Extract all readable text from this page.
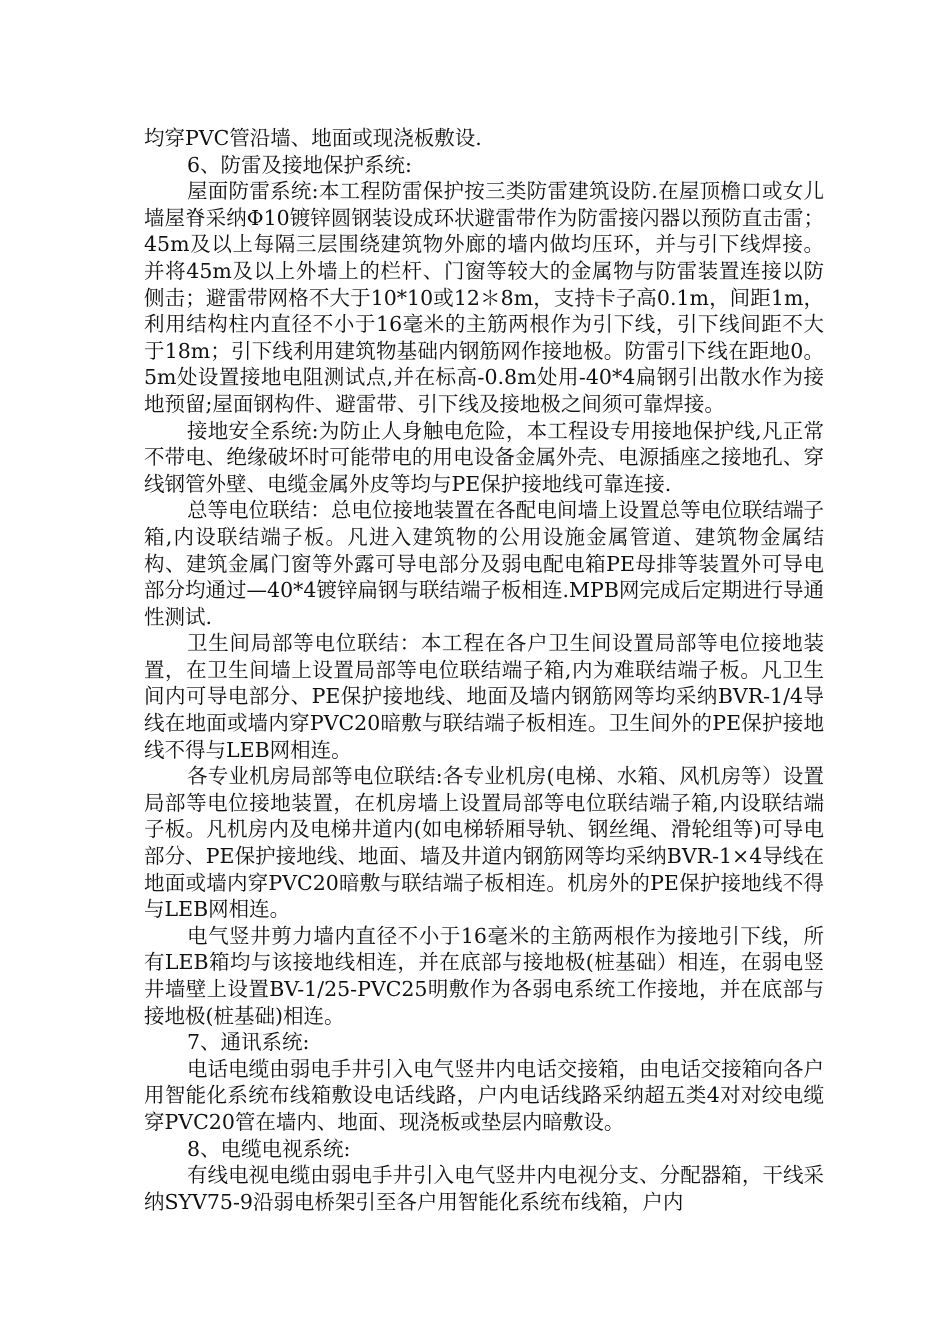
均穿PVC管沿墙、地面或现浇板敷设.

6、防雷及接地保护系统:

屋面防雷系统:本工程防雷保护按三类防雷建筑设防.在屋顶檐口或女儿墙屋脊采纳Φ10镀锌圆钢装设成环状避雷带作为防雷接闪器以预防直击雷；45m及以上每隔三层围绕建筑物外廊的墙内做均压环，并与引下线焊接。并将45m及以上外墙上的栏杆、门窗等较大的金属物与防雷装置连接以防侧击；避雷带网格不大于10*10或12＊8m，支持卡子高0.1m，间距1m，利用结构柱内直径不小于16毫米的主筋两根作为引下线，引下线间距不大于18m；引下线利用建筑物基础内钢筋网作接地极。防雷引下线在距地0。5m处设置接地电阻测试点,并在标高-0.8m处用-40*4扁钢引出散水作为接地预留;屋面钢构件、避雷带、引下线及接地极之间须可靠焊接。

接地安全系统:为防止人身触电危险，本工程设专用接地保护线,凡正常不带电、绝缘破坏时可能带电的用电设备金属外壳、电源插座之接地孔、穿线钢管外壁、电缆金属外皮等均与PE保护接地线可靠连接.

总等电位联结：总电位接地装置在各配电间墙上设置总等电位联结端子箱,内设联结端子板。凡进入建筑物的公用设施金属管道、建筑物金属结构、建筑金属门窗等外露可导电部分及弱电配电箱PE母排等装置外可导电部分均通过—40*4镀锌扁钢与联结端子板相连.MPB网完成后定期进行导通性测试.

卫生间局部等电位联结：本工程在各户卫生间设置局部等电位接地装置，在卫生间墙上设置局部等电位联结端子箱,内为难联结端子板。凡卫生间内可导电部分、PE保护接地线、地面及墙内钢筋网等均采纳BVR-1/4导线在地面或墙内穿PVC20暗敷与联结端子板相连。卫生间外的PE保护接地线不得与LEB网相连。

各专业机房局部等电位联结:各专业机房(电梯、水箱、风机房等）设置局部等电位接地装置，在机房墙上设置局部等电位联结端子箱,内设联结端子板。凡机房内及电梯井道内(如电梯轿厢导轨、钢丝绳、滑轮组等)可导电部分、PE保护接地线、地面、墙及井道内钢筋网等均采纳BVR-1×4导线在地面或墙内穿PVC20暗敷与联结端子板相连。机房外的PE保护接地线不得与LEB网相连。

电气竖井剪力墙内直径不小于16毫米的主筋两根作为接地引下线，所有LEB箱均与该接地线相连，并在底部与接地极(桩基础）相连，在弱电竖井墙壁上设置BV-1/25-PVC25明敷作为各弱电系统工作接地，并在底部与接地极(桩基础)相连。

7、通讯系统:

电话电缆由弱电手井引入电气竖井内电话交接箱，由电话交接箱向各户用智能化系统布线箱敷设电话线路，户内电话线路采纳超五类4对对绞电缆穿PVC20管在墙内、地面、现浇板或垫层内暗敷设。

8、电缆电视系统:

有线电视电缆由弱电手井引入电气竖井内电视分支、分配器箱，干线采纳SYV75-9沿弱电桥架引至各户用智能化系统布线箱，户内
